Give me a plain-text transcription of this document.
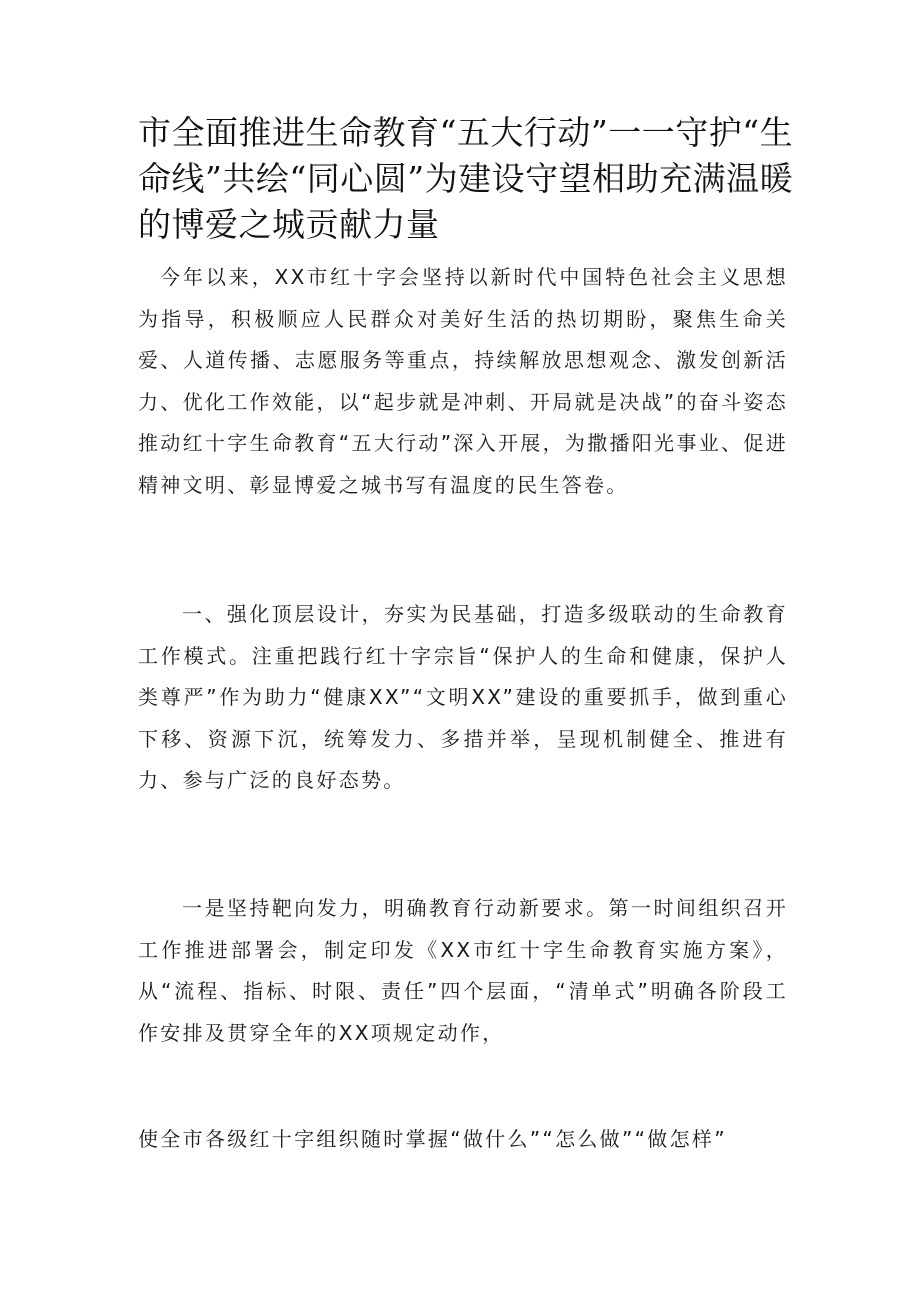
市全面推进生命教育“五大行动”一一守护“生命线”共绘“同心圆”为建设守望相助充满温暖的博爱之城贡献力量

今年以来，XX市红十字会坚持以新时代中国特色社会主义思想为指导，积极顺应人民群众对美好生活的热切期盼，聚焦生命关爱、人道传播、志愿服务等重点，持续解放思想观念、激发创新活力、优化工作效能，以“起步就是冲刺、开局就是决战”的奋斗姿态推动红十字生命教育“五大行动”深入开展，为撒播阳光事业、促进精神文明、彰显博爱之城书写有温度的民生答卷。

一、强化顶层设计，夯实为民基础，打造多级联动的生命教育工作模式。注重把践行红十字宗旨“保护人的生命和健康，保护人类尊严”作为助力“健康XX”“文明XX”建设的重要抓手，做到重心下移、资源下沉，统筹发力、多措并举，呈现机制健全、推进有力、参与广泛的良好态势。

一是坚持靶向发力，明确教育行动新要求。第一时间组织召开工作推进部署会，制定印发《XX市红十字生命教育实施方案》，从“流程、指标、时限、责任”四个层面，“清单式”明确各阶段工作安排及贯穿全年的XX项规定动作，

使全市各级红十字组织随时掌握“做什么”“怎么做”“做怎样”
